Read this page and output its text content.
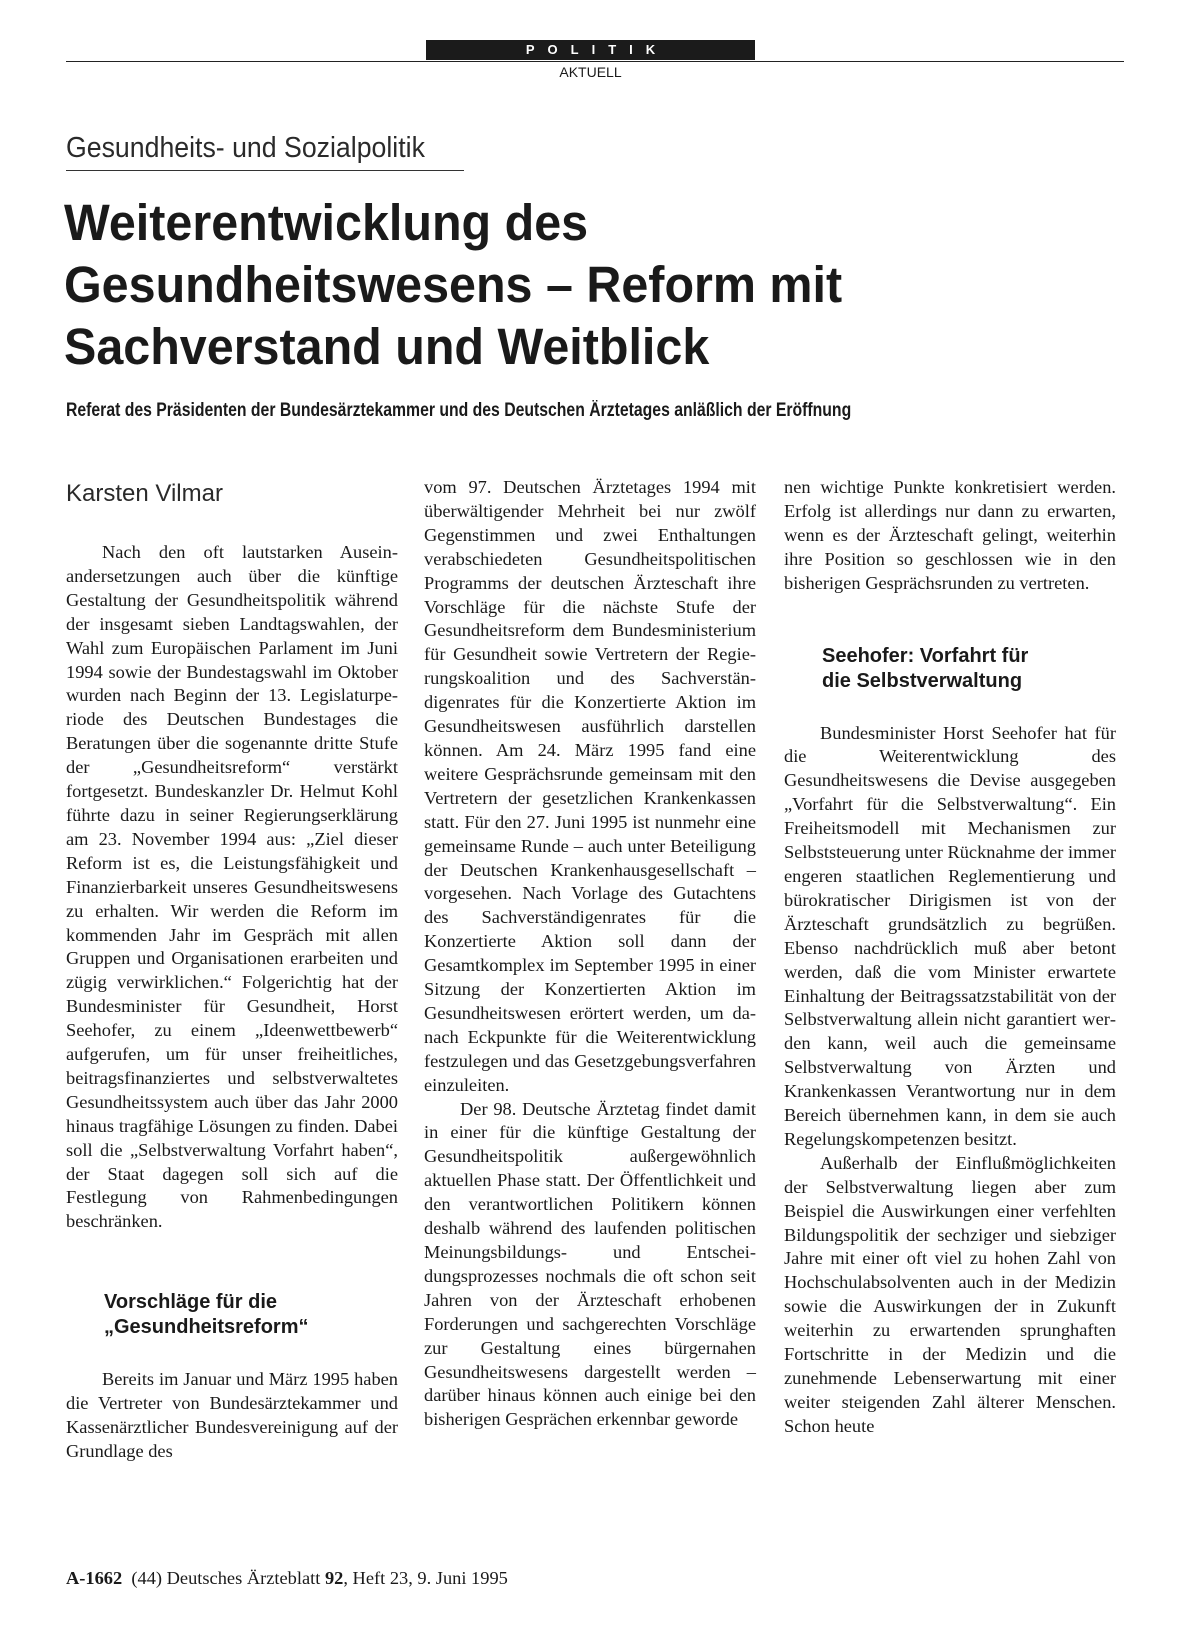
POLITIK
AKTUELL
Gesundheits- und Sozialpolitik
Weiterentwicklung des
Gesundheitswesens – Reform mit
Sachverstand und Weitblick
Referat des Präsidenten der Bundesärztekammer und des Deutschen Ärztetages anläßlich der Eröffnung
Karsten Vilmar

Nach den oft lautstarken Auseinandersetzungen auch über die künftige Gestaltung der Gesundheitspolitik während der insgesamt sieben Landtagswahlen, der Wahl zum Europäischen Parlament im Juni 1994 sowie der Bundestagswahl im Oktober wurden nach Beginn der 13. Legislaturperiode des Deutschen Bundestages die Beratungen über die sogenannte dritte Stufe der „Gesundheitsreform“ verstärkt fortgesetzt. Bundeskanzler Dr. Helmut Kohl führte dazu in seiner Regierungserklärung am 23. November 1994 aus: „Ziel dieser Reform ist es, die Leistungsfähigkeit und Finanzierbarkeit unseres Gesundheitswesens zu erhalten. Wir werden die Reform im kommenden Jahr im Gespräch mit allen Gruppen und Organisationen erarbeiten und zügig verwirklichen.“ Folgerichtig hat der Bundesminister für Gesundheit, Horst Seehofer, zu einem „Ideenwettbewerb“ aufgerufen, um für unser freiheitliches, beitragsfinanziertes und selbstverwaltetes Gesundheitssystem auch über das Jahr 2000 hinaus tragfähige Lösungen zu finden. Dabei soll die „Selbstverwaltung Vorfahrt haben“, der Staat dagegen soll sich auf die Festlegung von Rahmenbedingungen beschränken.

Vorschläge für die
„Gesundheitsreform“

Bereits im Januar und März 1995 haben die Vertreter von Bundesärztekammer und Kassenärztlicher Bundesvereinigung auf der Grundlage des

vom 97. Deutschen Ärztetages 1994 mit überwältigender Mehrheit bei nur zwölf Gegenstimmen und zwei Enthaltungen verabschiedeten Gesundheitspolitischen Programms der deutschen Ärzteschaft ihre Vorschläge für die nächste Stufe der Gesundheitsreform dem Bundesministerium für Gesundheit sowie Vertretern der Regierungskoalition und des Sachverständigenrates für die Konzertierte Aktion im Gesundheitswesen ausführlich darstellen können. Am 24. März 1995 fand eine weitere Gesprächsrunde gemeinsam mit den Vertretern der gesetzlichen Krankenkassen statt. Für den 27. Juni 1995 ist nunmehr eine gemeinsame Runde – auch unter Beteiligung der Deutschen Krankenhausgesellschaft – vorgesehen. Nach Vorlage des Gutachtens des Sachverständigenrates für die Konzertierte Aktion soll dann der Gesamtkomplex im September 1995 in einer Sitzung der Konzertierten Aktion im Gesundheitswesen erörtert werden, um danach Eckpunkte für die Weiterentwicklung festzulegen und das Gesetzgebungsverfahren einzuleiten.

Der 98. Deutsche Ärztetag findet damit in einer für die künftige Gestaltung der Gesundheitspolitik außergewöhnlich aktuellen Phase statt. Der Öffentlichkeit und den verantwortlichen Politikern können deshalb während des laufenden politischen Meinungsbildungs- und Entscheidungsprozesses nochmals die oft schon seit Jahren von der Ärzteschaft erhobenen Forderungen und sachgerechten Vorschläge zur Gestaltung eines bürgernahen Gesundheitswesens dargestellt werden – darüber hinaus können auch einige bei den bisherigen Gesprächen erkennbar geworde

nen wichtige Punkte konkretisiert werden. Erfolg ist allerdings nur dann zu erwarten, wenn es der Ärzteschaft gelingt, weiterhin ihre Position so geschlossen wie in den bisherigen Gesprächsrunden zu vertreten.

Seehofer: Vorfahrt für
die Selbstverwaltung

Bundesminister Horst Seehofer hat für die Weiterentwicklung des Gesundheitswesens die Devise ausgegeben „Vorfahrt für die Selbstverwaltung“. Ein Freiheitsmodell mit Mechanismen zur Selbststeuerung unter Rücknahme der immer engeren staatlichen Reglementierung und bürokratischer Dirigismen ist von der Ärzteschaft grundsätzlich zu begrüßen. Ebenso nachdrücklich muß aber betont werden, daß die vom Minister erwartete Einhaltung der Beitragssatzstabilität von der Selbstverwaltung allein nicht garantiert werden kann, weil auch die gemeinsame Selbstverwaltung von Ärzten und Krankenkassen Verantwortung nur in dem Bereich übernehmen kann, in dem sie auch Regelungskompetenzen besitzt.

Außerhalb der Einflußmöglichkeiten der Selbstverwaltung liegen aber zum Beispiel die Auswirkungen einer verfehlten Bildungspolitik der sechziger und siebziger Jahre mit einer oft viel zu hohen Zahl von Hochschulabsolventen auch in der Medizin sowie die Auswirkungen der in Zukunft weiterhin zu erwartenden sprunghaften Fortschritte in der Medizin und die zunehmende Lebenserwartung mit einer weiter steigenden Zahl älterer Menschen. Schon heute

A-1662 (44) Deutsches Ärzteblatt 92, Heft 23, 9. Juni 1995
